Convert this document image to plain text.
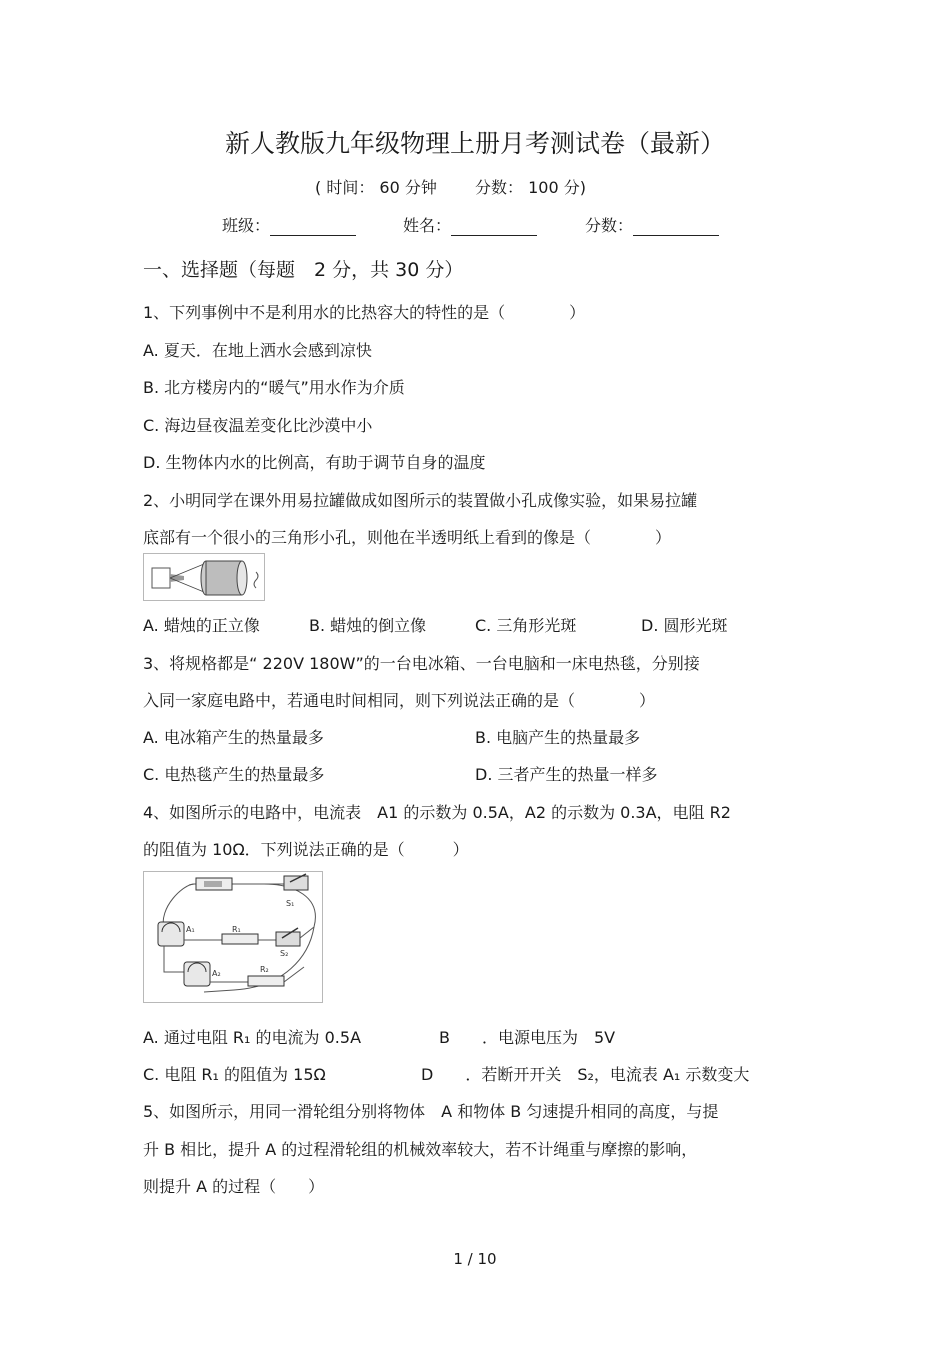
新人教版九年级物理上册月考测试卷（最新）
( 时间： 60 分钟 分数： 100 分)
班级：	姓名：	分数：
一、选择题（每题　2 分，共 30 分）
1、下列事例中不是利用水的比热容大的特性的是（　　　　）
A. 夏天．在地上洒水会感到凉快
B. 北方楼房内的“暖气”用水作为介质
C. 海边昼夜温差变化比沙漠中小
D. 生物体内水的比例高，有助于调节自身的温度
2、小明同学在课外用易拉罐做成如图所示的装置做小孔成像实验，如果易拉罐
底部有一个很小的三角形小孔，则他在半透明纸上看到的像是（　　　　）
A. 蜡烛的正立像	B. 蜡烛的倒立像	C. 三角形光斑	D. 圆形光斑
3、将规格都是“ 220V 180W”的一台电冰箱、一台电脑和一床电热毯，分别接
入同一家庭电路中，若通电时间相同，则下列说法正确的是（　　　　）
A. 电冰箱产生的热量最多	B. 电脑产生的热量最多
C. 电热毯产生的热量最多	D. 三者产生的热量一样多
4、如图所示的电路中，电流表　A1 的示数为 0.5A，A2 的示数为 0.3A，电阻 R2
的阻值为 10Ω．下列说法正确的是（　　　）
S₁
A₁	R₁
S₂
A₂	R₂
A. 通过电阻 R₁ 的电流为 0.5A	B　　．电源电压为　5V
C. 电阻 R₁ 的阻值为 15Ω	D　　．若断开开关　S₂，电流表 A₁ 示数变大
5、如图所示，用同一滑轮组分别将物体　A 和物体 B 匀速提升相同的高度，与提
升 B 相比，提升 A 的过程滑轮组的机械效率较大，若不计绳重与摩擦的影响，
则提升 A 的过程（　　）
1 / 10
